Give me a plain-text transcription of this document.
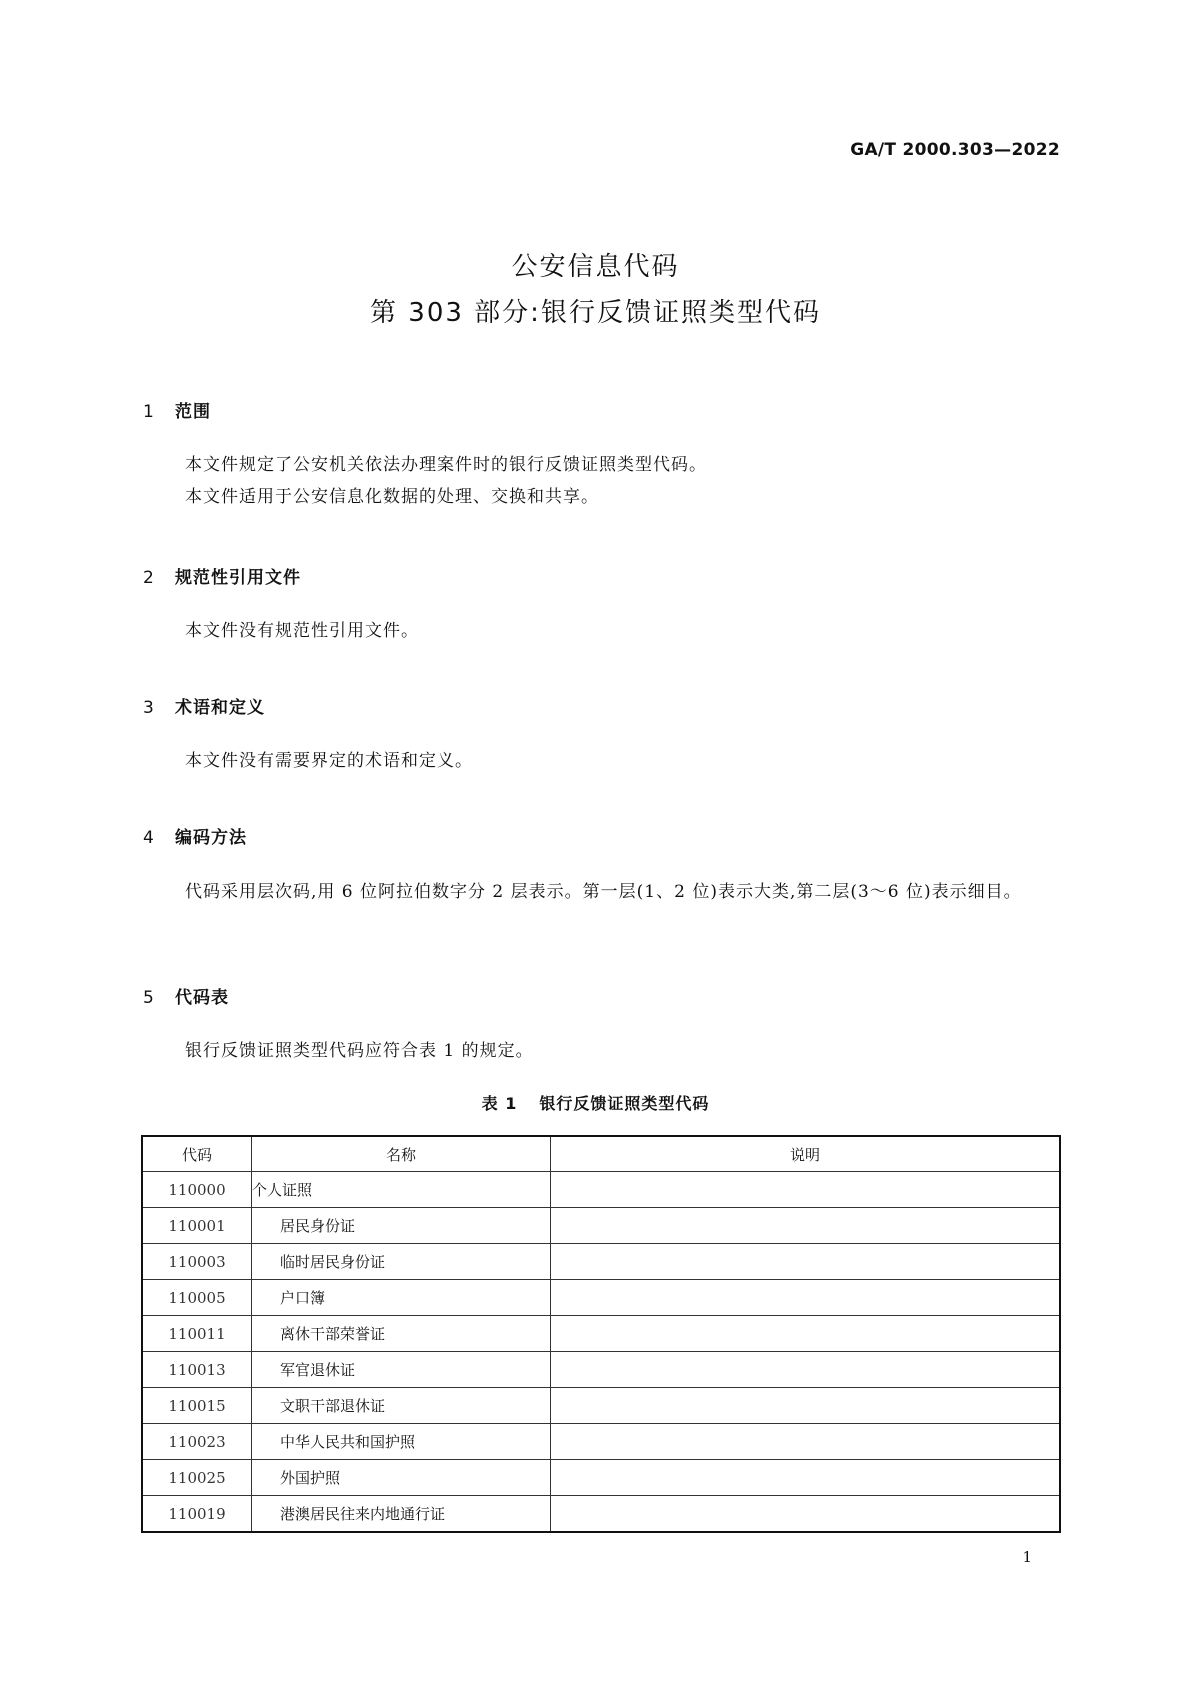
GA/T 2000.303—2022
公安信息代码
第 303 部分:银行反馈证照类型代码
1 范围
本文件规定了公安机关依法办理案件时的银行反馈证照类型代码。
本文件适用于公安信息化数据的处理、交换和共享。
2 规范性引用文件
本文件没有规范性引用文件。
3 术语和定义
本文件没有需要界定的术语和定义。
4 编码方法
代码采用层次码,用 6 位阿拉伯数字分 2 层表示。第一层(1、2 位)表示大类,第二层(3～6 位)表示细目。
5 代码表
银行反馈证照类型代码应符合表 1 的规定。
表 1 银行反馈证照类型代码
代码	名称	说明
110000	个人证照	
110001	居民身份证	
110003	临时居民身份证	
110005	户口簿	
110011	离休干部荣誉证	
110013	军官退休证	
110015	文职干部退休证	
110023	中华人民共和国护照	
110025	外国护照	
110019	港澳居民往来内地通行证	
1
